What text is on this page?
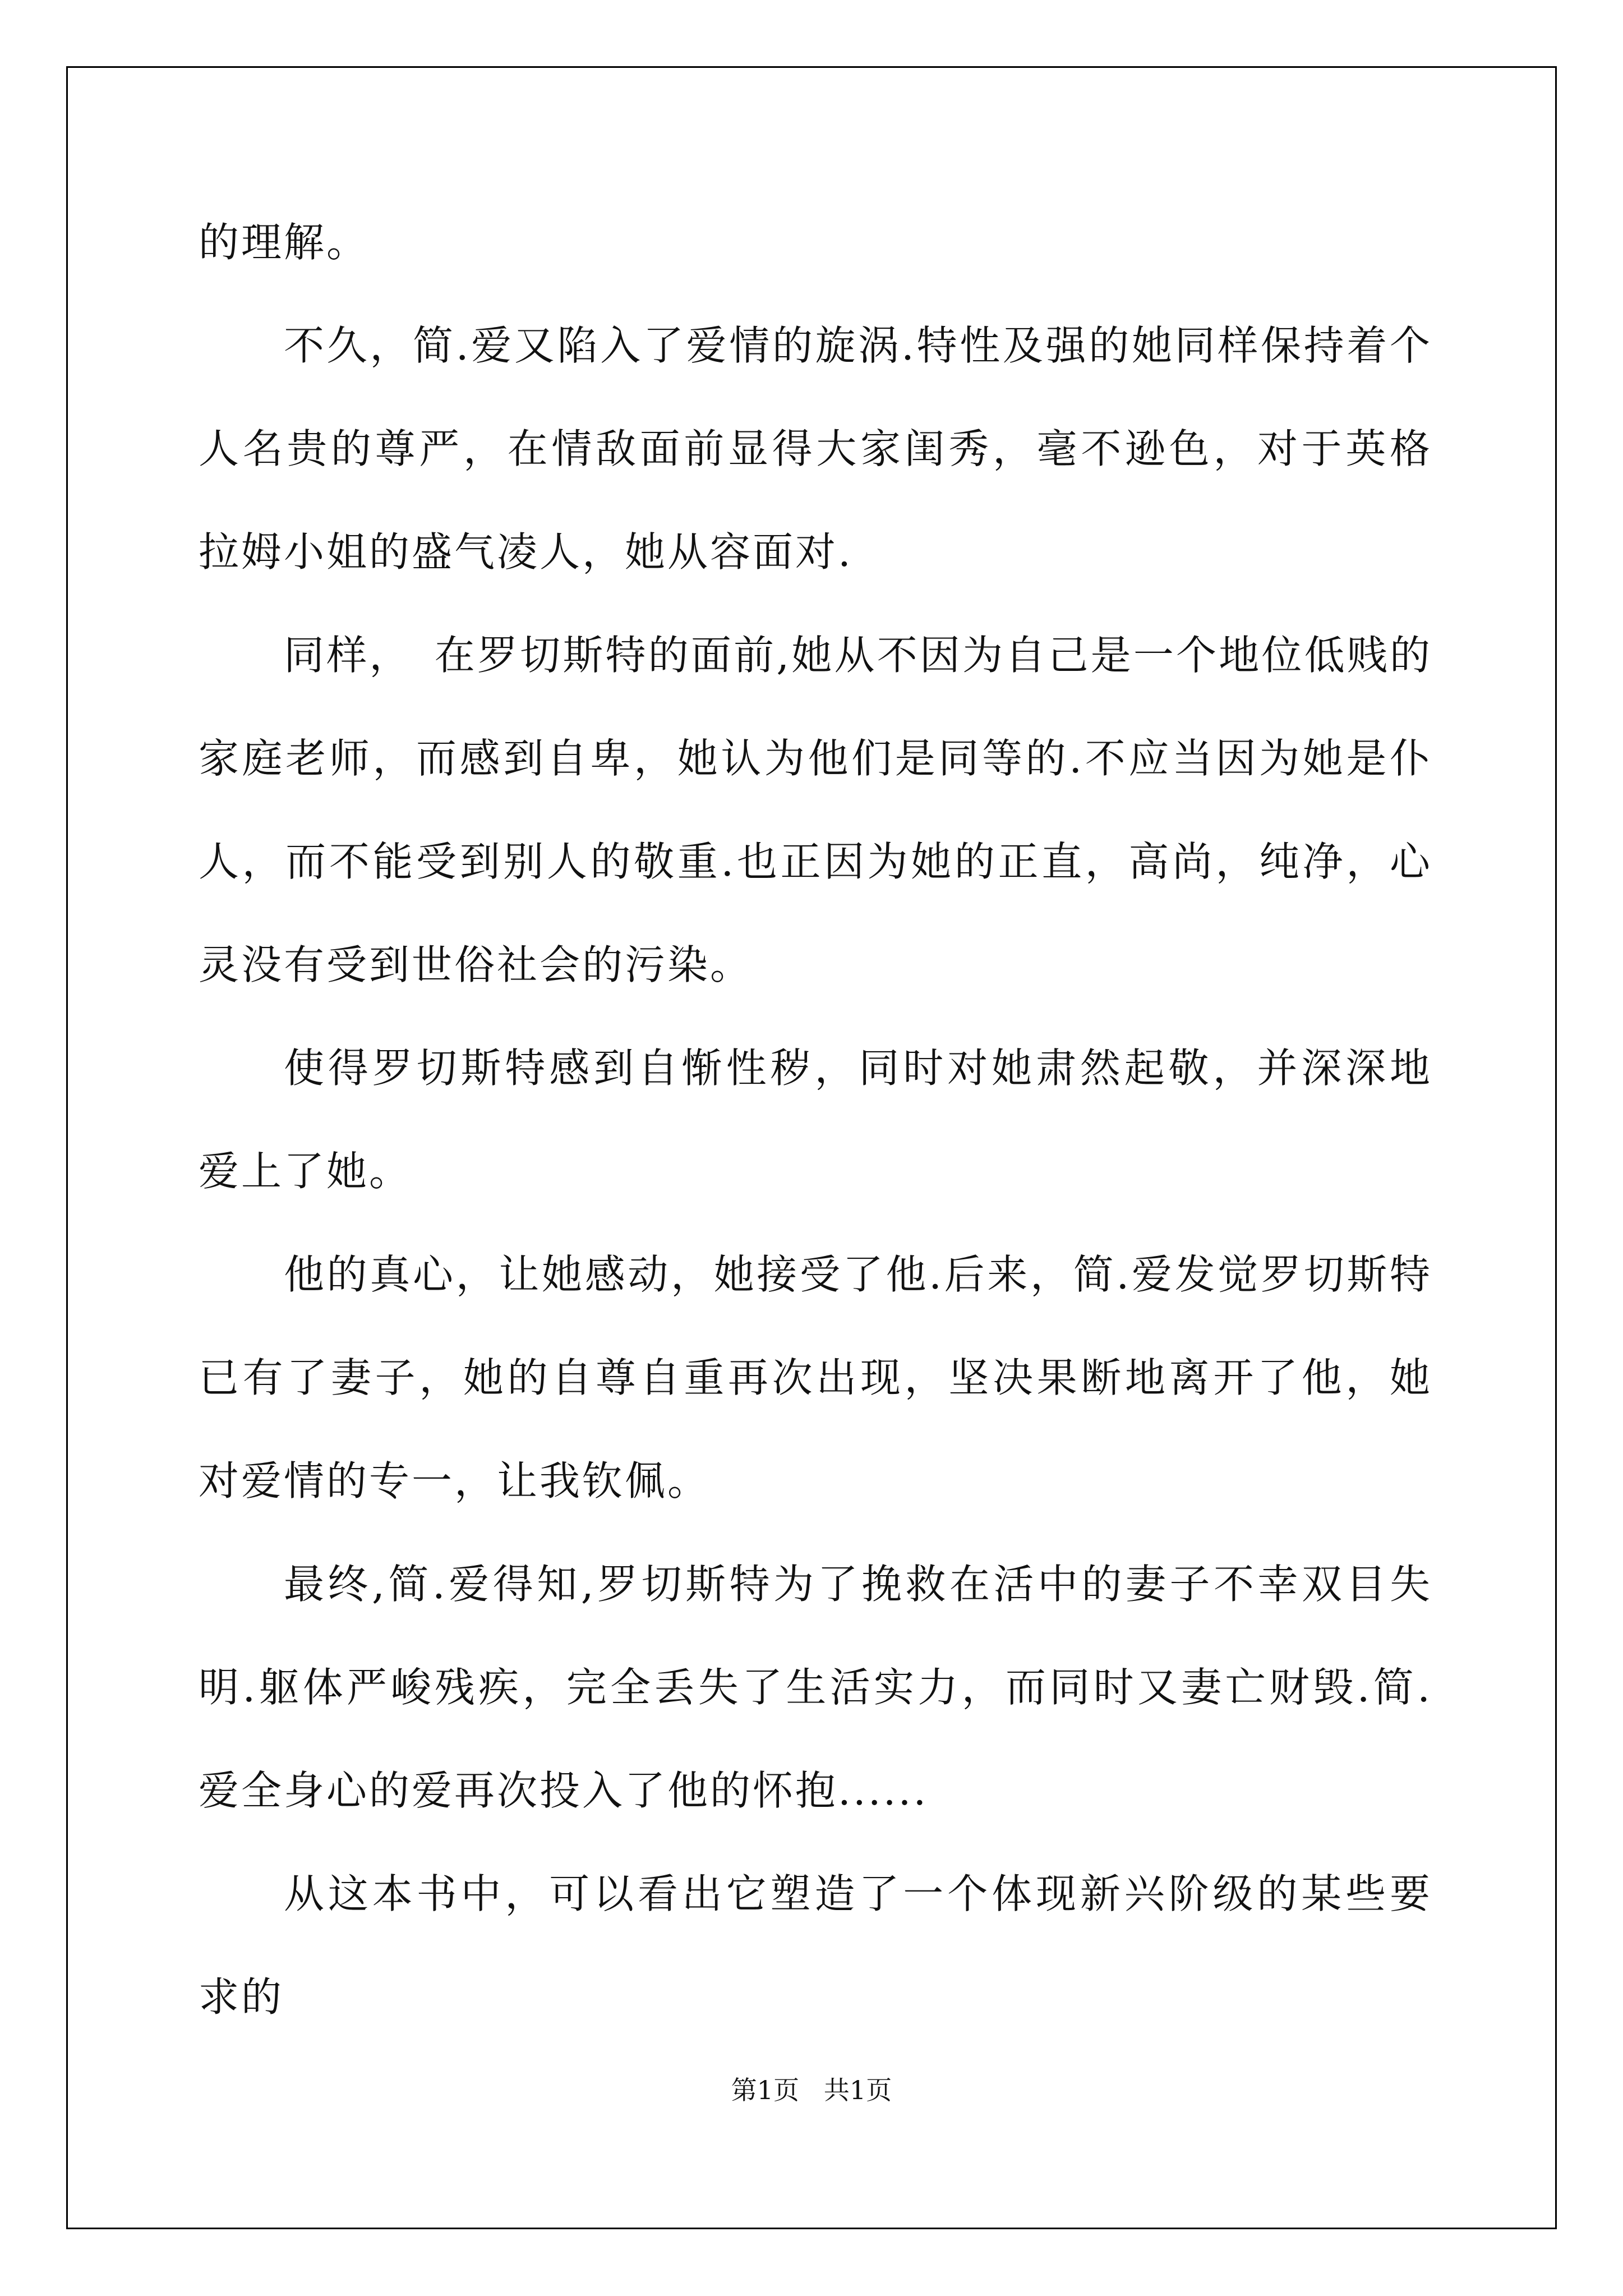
的理解。

不久，简.爱又陷入了爱情的旋涡.特性及强的她同样保持着个人名贵的尊严，在情敌面前显得大家闺秀，毫不逊色，对于英格拉姆小姐的盛气凌人，她从容面对.

同样，　在罗切斯特的面前,她从不因为自己是一个地位低贱的家庭老师，而感到自卑，她认为他们是同等的.不应当因为她是仆人，而不能受到别人的敬重.也正因为她的正直，高尚，纯净，心灵没有受到世俗社会的污染。

使得罗切斯特感到自惭性秽，同时对她肃然起敬，并深深地爱上了她。

他的真心，让她感动，她接受了他.后来，简.爱发觉罗切斯特已有了妻子，她的自尊自重再次出现，坚决果断地离开了他，她对爱情的专一，让我钦佩。

最终,简.爱得知,罗切斯特为了挽救在活中的妻子不幸双目失明.躯体严峻残疾，完全丢失了生活实力，而同时又妻亡财毁.简.爱全身心的爱再次投入了他的怀抱......

从这本书中，可以看出它塑造了一个体现新兴阶级的某些要求的

第1页   共1页
